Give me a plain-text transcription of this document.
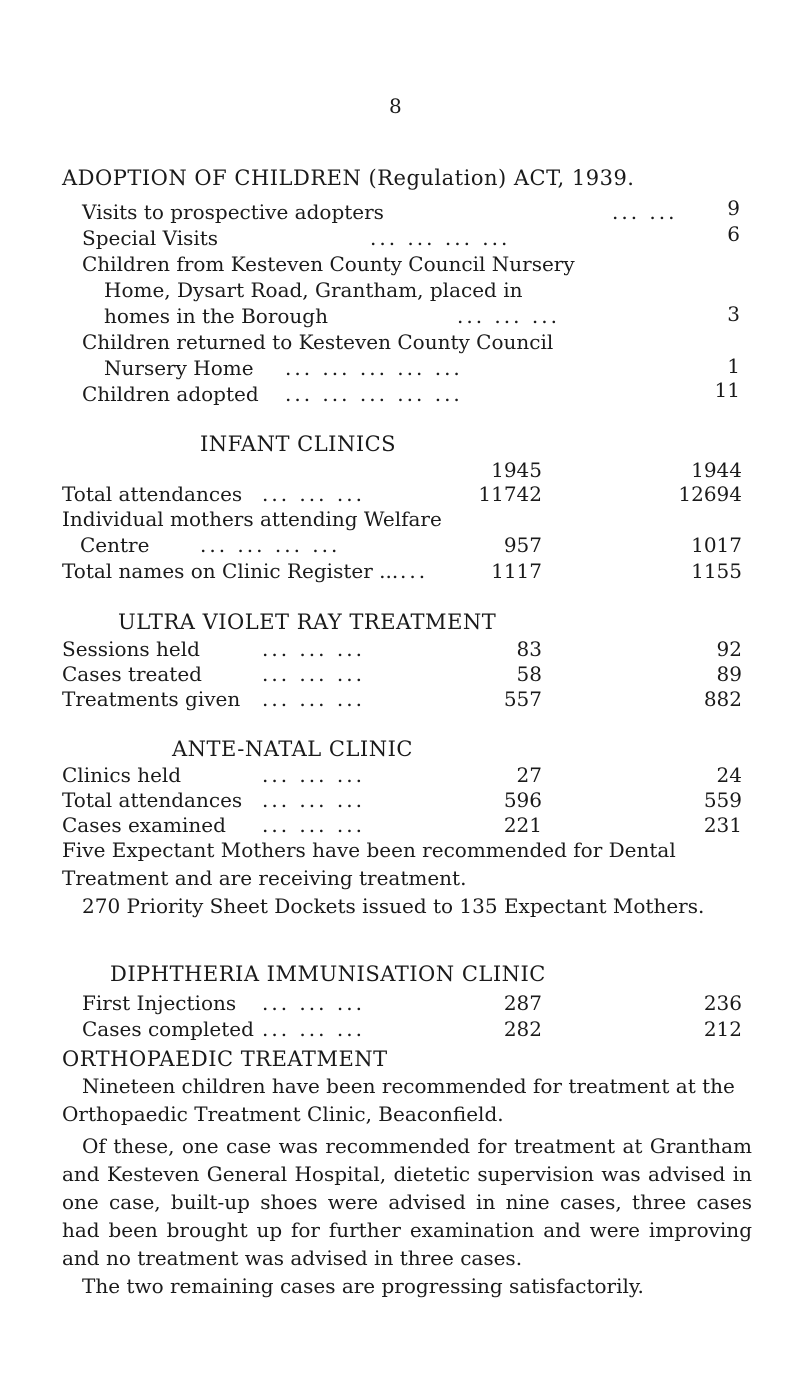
8
ADOPTION OF CHILDREN (Regulation) ACT, 1939.
Visits to prospective adopters	... ...	9
Special Visits	... ... ... ...	6
Children from Kesteven County Council Nursery
Home, Dysart Road, Grantham, placed in
homes in the Borough	... ... ...	3
Children returned to Kesteven County Council
Nursery Home ... ... ... ... ...	1
Children adopted ... ... ... ... ...	11
INFANT CLINICS
1945	1944
Total attendances ... ... ...	11742	12694
Individual mothers attending Welfare
Centre	... ... ... ...	957	1017
Total names on Clinic Register ... ...	1117	1155
ULTRA VIOLET RAY TREATMENT
Sessions held	... ... ...	83	92
Cases treated	... ... ...	58	89
Treatments given ... ... ...	557	882
ANTE-NATAL CLINIC
Clinics held	... ... ...	27	24
Total attendances ... ... ...	596	559
Cases examined ... ... ...	221	231
Five Expectant Mothers have been recommended for Dental Treatment and are receiving treatment.
270 Priority Sheet Dockets issued to 135 Expectant Mothers.
DIPHTHERIA IMMUNISATION CLINIC
First Injections ... ... ...	287	236
Cases completed ... ... ...	282	212
ORTHOPAEDIC TREATMENT
Nineteen children have been recommended for treatment at the Orthopaedic Treatment Clinic, Beaconfield.
Of these, one case was recommended for treatment at Grantham and Kesteven General Hospital, dietetic supervision was advised in one case, built-up shoes were advised in nine cases, three cases had been brought up for further examination and were improving and no treatment was advised in three cases.
The two remaining cases are progressing satisfactorily.
